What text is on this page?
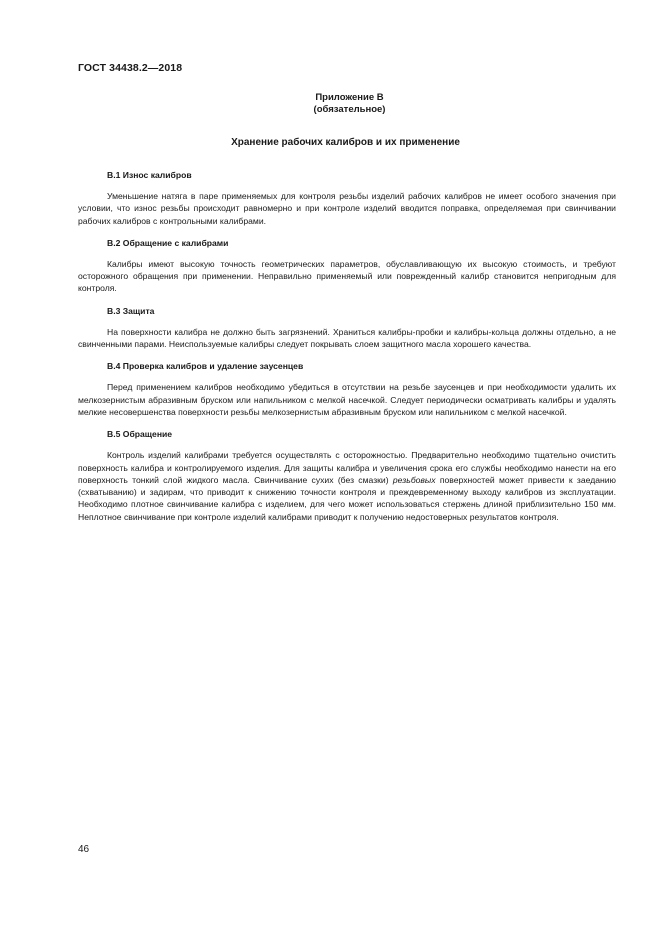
ГОСТ 34438.2—2018
Приложение В
(обязательное)
Хранение рабочих калибров и их применение
В.1 Износ калибров

Уменьшение натяга в паре применяемых для контроля резьбы изделий рабочих калибров не имеет особого значения при условии, что износ резьбы происходит равномерно и при контроле изделий вводится поправка, определяемая при свинчивании рабочих калибров с контрольными калибрами.

В.2 Обращение с калибрами

Калибры имеют высокую точность геометрических параметров, обуславливающую их высокую стоимость, и требуют осторожного обращения при применении. Неправильно применяемый или поврежденный калибр становится непригодным для контроля.

В.3 Защита

На поверхности калибра не должно быть загрязнений. Храниться калибры-пробки и калибры-кольца должны отдельно, а не свинченными парами. Неиспользуемые калибры следует покрывать слоем защитного масла хорошего качества.

В.4 Проверка калибров и удаление заусенцев

Перед применением калибров необходимо убедиться в отсутствии на резьбе заусенцев и при необходимости удалить их мелкозернистым абразивным бруском или напильником с мелкой насечкой. Следует периодически осматривать калибры и удалять мелкие несовершенства поверхности резьбы мелкозернистым абразивным бруском или напильником с мелкой насечкой.

В.5 Обращение

Контроль изделий калибрами требуется осуществлять с осторожностью. Предварительно необходимо тщательно очистить поверхность калибра и контролируемого изделия. Для защиты калибра и увеличения срока его службы необходимо нанести на его поверхность тонкий слой жидкого масла. Свинчивание сухих (без смазки) резьбовых поверхностей может привести к заеданию (схватыванию) и задирам, что приводит к снижению точности контроля и преждевременному выходу калибров из эксплуатации. Необходимо плотное свинчивание калибра с изделием, для чего может использоваться стержень длиной приблизительно 150 мм. Неплотное свинчивание при контроле изделий калибрами приводит к получению недостоверных результатов контроля.

46
